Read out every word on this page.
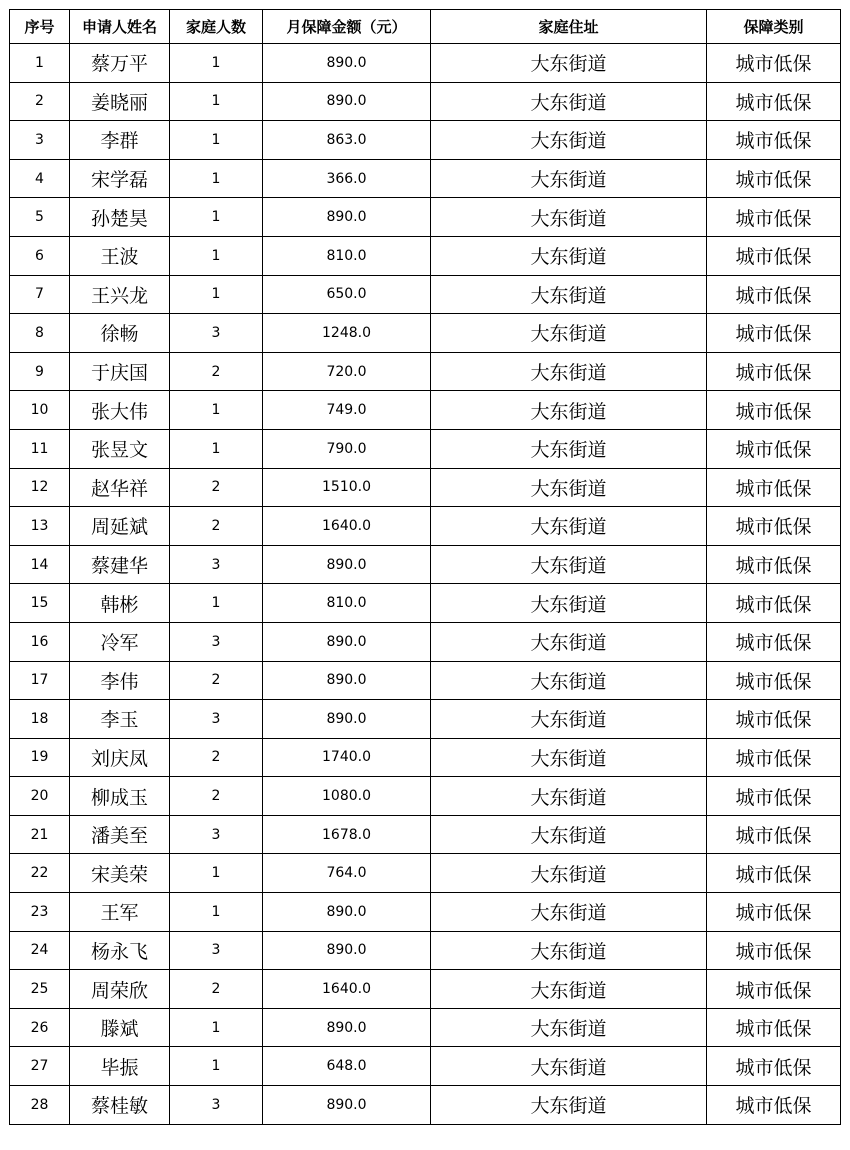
序号	申请人姓名	家庭人数	月保障金额（元）	家庭住址	保障类别
1	蔡万平	1	890.0	大东街道	城市低保
2	姜晓丽	1	890.0	大东街道	城市低保
3	李群	1	863.0	大东街道	城市低保
4	宋学磊	1	366.0	大东街道	城市低保
5	孙楚昊	1	890.0	大东街道	城市低保
6	王波	1	810.0	大东街道	城市低保
7	王兴龙	1	650.0	大东街道	城市低保
8	徐畅	3	1248.0	大东街道	城市低保
9	于庆国	2	720.0	大东街道	城市低保
10	张大伟	1	749.0	大东街道	城市低保
11	张昱文	1	790.0	大东街道	城市低保
12	赵华祥	2	1510.0	大东街道	城市低保
13	周延斌	2	1640.0	大东街道	城市低保
14	蔡建华	3	890.0	大东街道	城市低保
15	韩彬	1	810.0	大东街道	城市低保
16	冷军	3	890.0	大东街道	城市低保
17	李伟	2	890.0	大东街道	城市低保
18	李玉	3	890.0	大东街道	城市低保
19	刘庆凤	2	1740.0	大东街道	城市低保
20	柳成玉	2	1080.0	大东街道	城市低保
21	潘美至	3	1678.0	大东街道	城市低保
22	宋美荣	1	764.0	大东街道	城市低保
23	王军	1	890.0	大东街道	城市低保
24	杨永飞	3	890.0	大东街道	城市低保
25	周荣欣	2	1640.0	大东街道	城市低保
26	滕斌	1	890.0	大东街道	城市低保
27	毕振	1	648.0	大东街道	城市低保
28	蔡桂敏	3	890.0	大东街道	城市低保
